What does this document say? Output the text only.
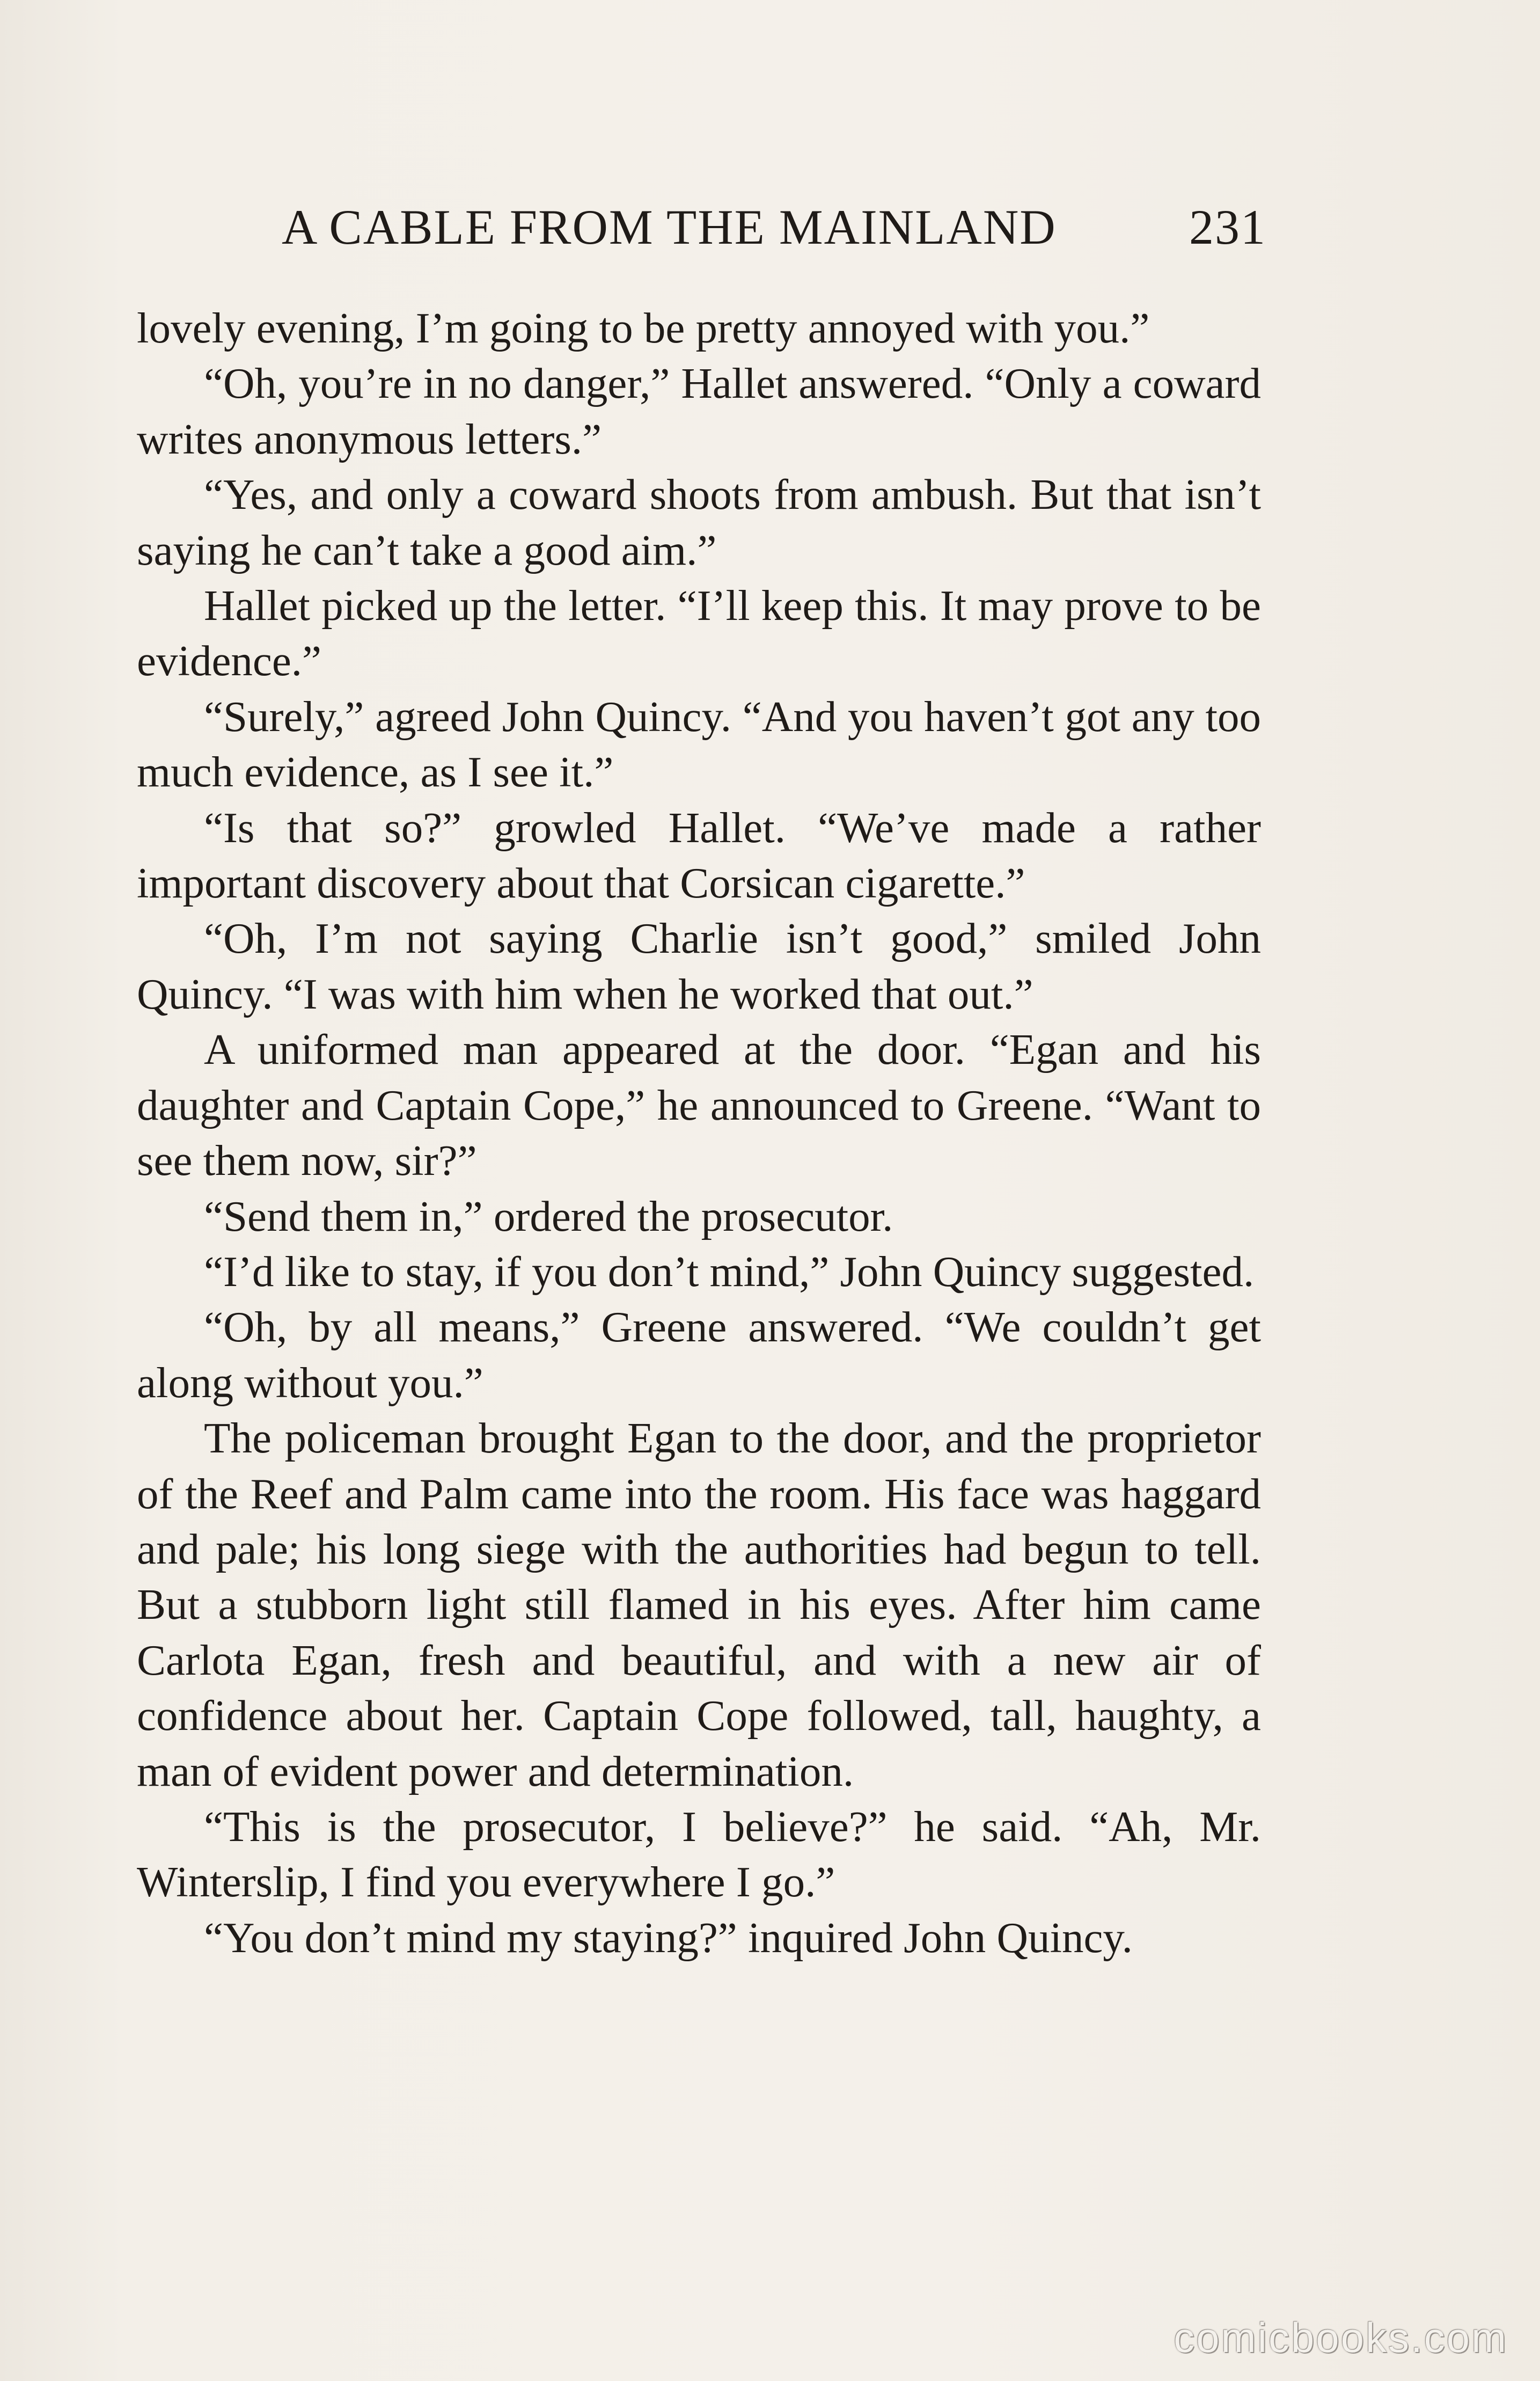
A CABLE FROM THE MAINLAND	231

lovely evening, I’m going to be pretty annoyed with you.”

“Oh, you’re in no danger,” Hallet answered. “Only a coward writes anonymous letters.”

“Yes, and only a coward shoots from ambush. But that isn’t saying he can’t take a good aim.”

Hallet picked up the letter. “I’ll keep this. It may prove to be evidence.”

“Surely,” agreed John Quincy. “And you haven’t got any too much evidence, as I see it.”

“Is that so?” growled Hallet. “We’ve made a rather important discovery about that Corsican cigarette.”

“Oh, I’m not saying Charlie isn’t good,” smiled John Quincy. “I was with him when he worked that out.”

A uniformed man appeared at the door. “Egan and his daughter and Captain Cope,” he announced to Greene. “Want to see them now, sir?”

“Send them in,” ordered the prosecutor.

“I’d like to stay, if you don’t mind,” John Quincy suggested.

“Oh, by all means,” Greene answered. “We couldn’t get along without you.”

The policeman brought Egan to the door, and the proprietor of the Reef and Palm came into the room. His face was haggard and pale; his long siege with the authorities had begun to tell. But a stubborn light still flamed in his eyes. After him came Carlota Egan, fresh and beautiful, and with a new air of confidence about her. Captain Cope followed, tall, haughty, a man of evident power and determination.

“This is the prosecutor, I believe?” he said. “Ah, Mr. Winterslip, I find you everywhere I go.”

“You don’t mind my staying?” inquired John Quincy.

comicbooks.com
